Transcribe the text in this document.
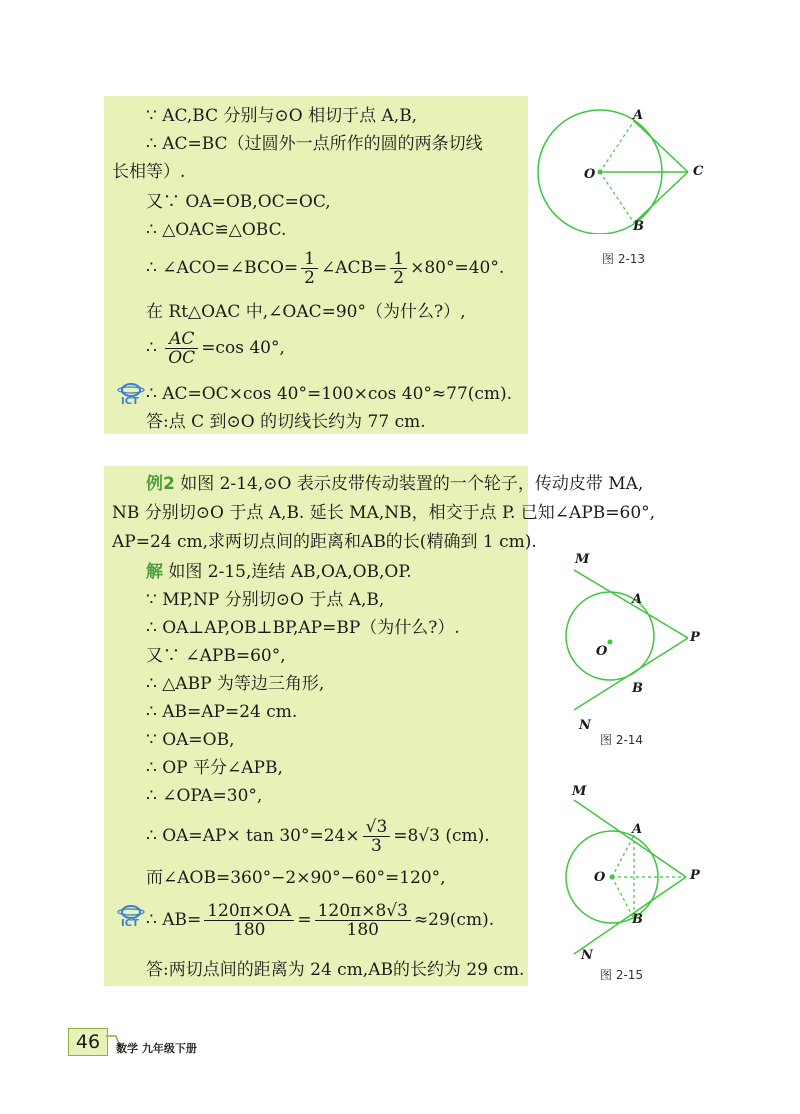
∵ AC,BC 分别与⊙O 相切于点 A,B,
∴ AC=BC（过圆外一点所作的圆的两条切线
长相等）.
又∵ OA=OB,OC=OC,
∴ △OAC≌△OBC.
∴ ∠ACO=∠BCO= $\frac{1}{2}$ ∠ACB= $\frac{1}{2} \times 80^\circ=40^\circ$.
在 Rt△OAC 中,∠OAC=90°（为什么?）,
∴ $\frac{AC}{OC} =\cos$ 40°,
ICT ∴ AC=OC×cos 40°=100×cos 40°≈77(cm).
答:点 C 到⊙O 的切线长约为 77 cm.
A
C
O
B
图 2-13
例2 如图 2-14,⊙O 表示皮带传动装置的一个轮子，传动皮带 MA,
NB 分别切⊙O 于点 A,B. 延长 MA,NB，相交于点 P. 已知∠APB=60°,
AP=24 cm,求两切点间的距离和AB的长(精确到 1 cm).
解 如图 2-15,连结 AB,OA,OB,OP.
∵ MP,NP 分别切⊙O 于点 A,B,
∴ OA⊥AP,OB⊥BP,AP=BP（为什么?）.
又∵ ∠APB=60°,
∴ △ABP 为等边三角形,
∴ AB=AP=24 cm.
∵ OA=OB,
∴ OP 平分∠APB,
∴ ∠OPA=30°,
∴ $OA=AP\times \tan 30^\circ=24\times \frac{√3}{3} =8√3$ (cm).
而∠AOB=360°−2×90°−60°=120°,
ICT ∴ $AB= \frac{120\pi\times OA}{180} = \frac{120\pi\times 8√3}{180} \approx 29(cm)$.
答:两切点间的距离为 24 cm,AB的长约为 29 cm.
M
A
P
O
B
N
图 2-14
M
A
P
O
B
N
图 2-15
46	数学 九年级下册
